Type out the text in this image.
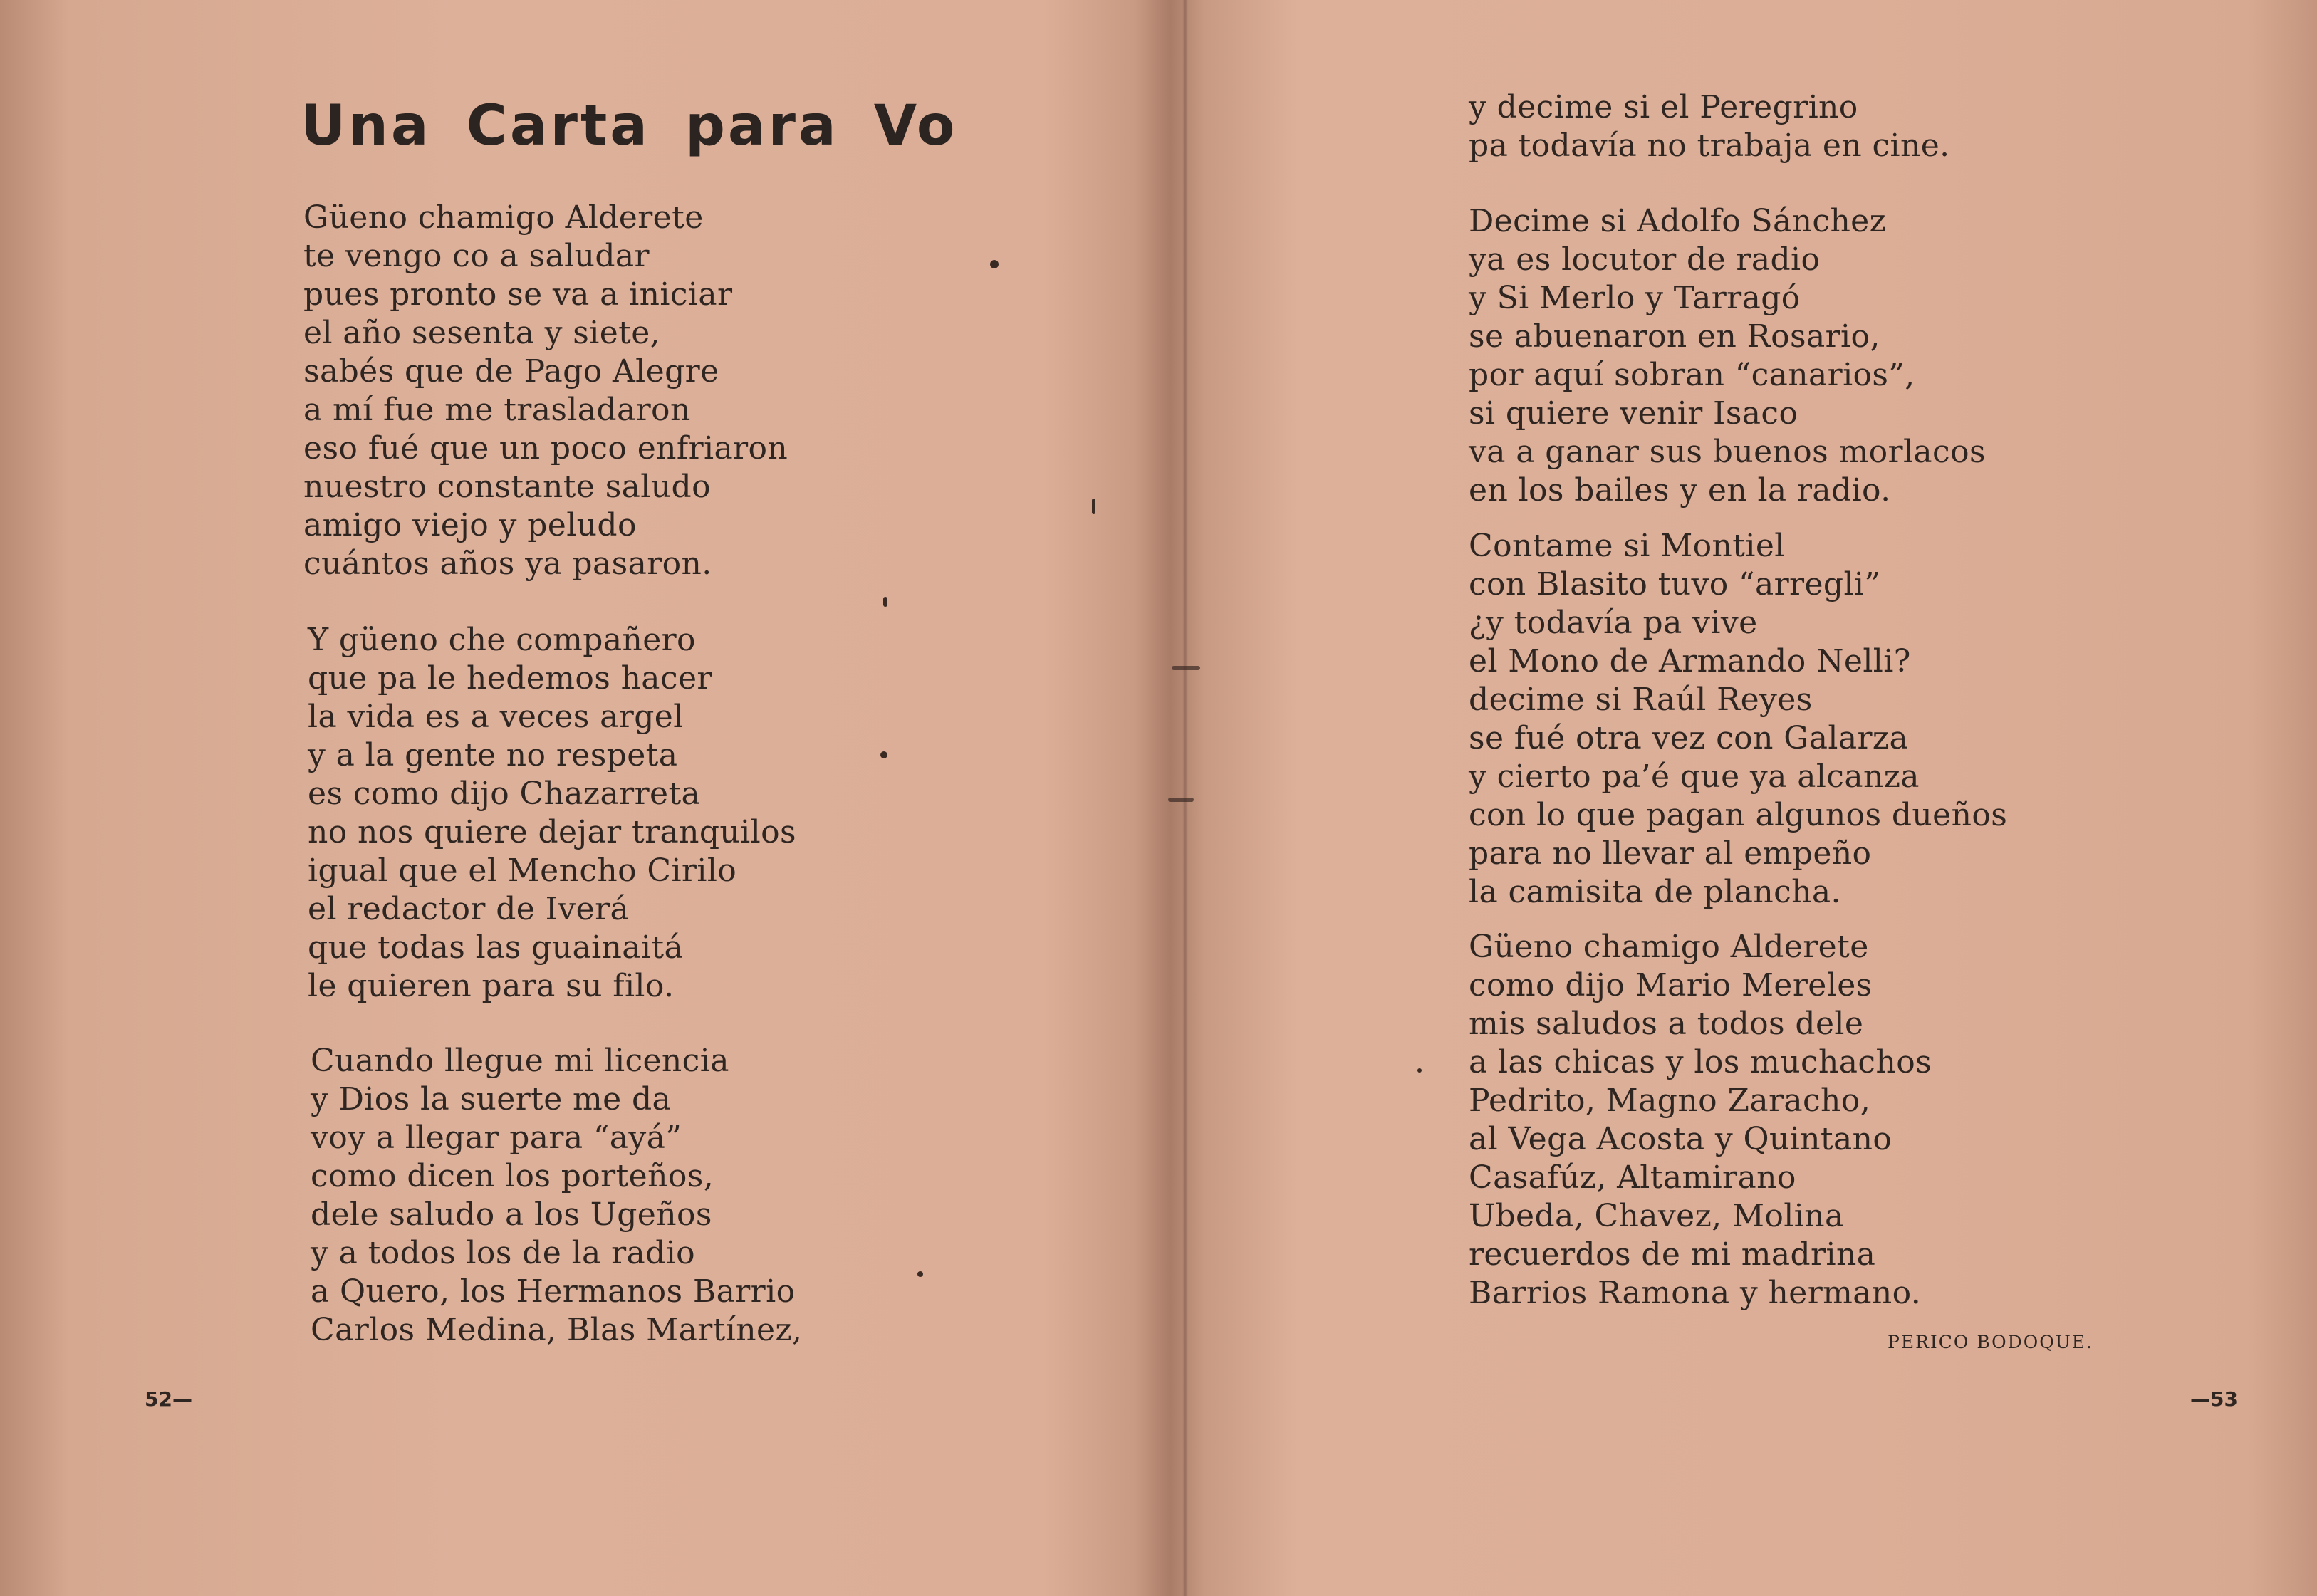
Una Carta para Vo
Güeno chamigo Alderete
te vengo co a saludar
pues pronto se va a iniciar
el año sesenta y siete,
sabés que de Pago Alegre
a mí fue me trasladaron
eso fué que un poco enfriaron
nuestro constante saludo
amigo viejo y peludo
cuántos años ya pasaron.
Y güeno che compañero
que pa le hedemos hacer
la vida es a veces argel
y a la gente no respeta
es como dijo Chazarreta
no nos quiere dejar tranquilos
igual que el Mencho Cirilo
el redactor de Iverá
que todas las guainaitá
le quieren para su filo.
Cuando llegue mi licencia
y Dios la suerte me da
voy a llegar para “ayá”
como dicen los porteños,
dele saludo a los Ugeños
y a todos los de la radio
a Quero, los Hermanos Barrio
Carlos Medina, Blas Martínez,
52—
y decime si el Peregrino
pa todavía no trabaja en cine.
Decime si Adolfo Sánchez
ya es locutor de radio
y Si Merlo y Tarragó
se abuenaron en Rosario,
por aquí sobran “canarios”,
si quiere venir Isaco
va a ganar sus buenos morlacos
en los bailes y en la radio.
Contame si Montiel
con Blasito tuvo “arregli”
¿y todavía pa vive
el Mono de Armando Nelli?
decime si Raúl Reyes
se fué otra vez con Galarza
y cierto pa’é que ya alcanza
con lo que pagan algunos dueños
para no llevar al empeño
la camisita de plancha.
Güeno chamigo Alderete
como dijo Mario Mereles
mis saludos a todos dele
a las chicas y los muchachos
Pedrito, Magno Zaracho,
al Vega Acosta y Quintano
Casafúz, Altamirano
Ubeda, Chavez, Molina
recuerdos de mi madrina
Barrios Ramona y hermano.
PERICO BODOQUE.
—53
